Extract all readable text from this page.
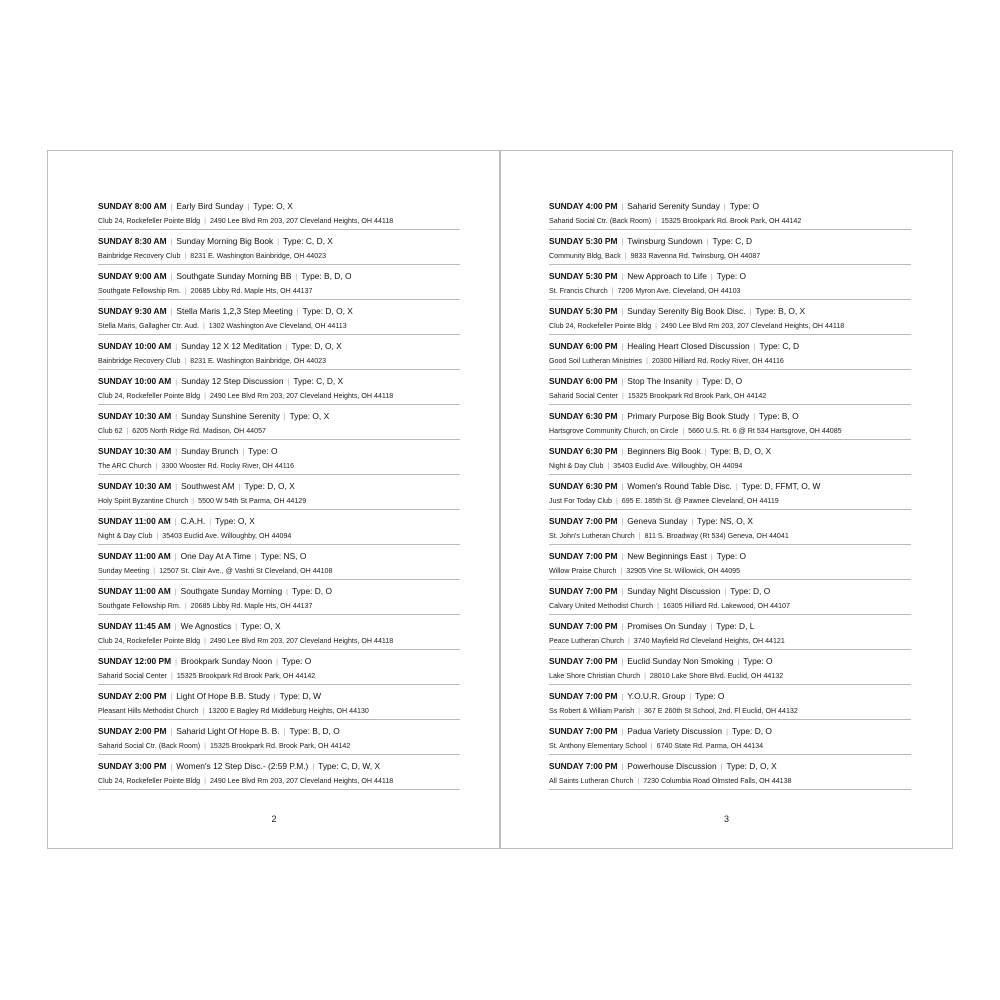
SUNDAY 8:00 AM | Early Bird Sunday | Type: O, X
Club 24, Rockefeller Pointe Bldg | 2490 Lee Blvd Rm 203, 207 Cleveland Heights, OH 44118
SUNDAY 8:30 AM | Sunday Morning Big Book | Type: C, D, X
Bainbridge Recovery Club | 8231 E. Washington Bainbridge, OH 44023
SUNDAY 9:00 AM | Southgate Sunday Morning BB | Type: B, D, O
Southgate Fellowship Rm. | 20685 Libby Rd. Maple Hts, OH 44137
SUNDAY 9:30 AM | Stella Maris 1,2,3 Step Meeting | Type: D, O, X
Stella Maris, Gallagher Ctr. Aud. | 1302 Washington Ave Cleveland, OH 44113
SUNDAY 10:00 AM | Sunday 12 X 12 Meditation | Type: D, O, X
Bainbridge Recovery Club | 8231 E. Washington Bainbridge, OH 44023
SUNDAY 10:00 AM | Sunday 12 Step Discussion | Type: C, D, X
Club 24, Rockefeller Pointe Bldg | 2490 Lee Blvd Rm 203, 207 Cleveland Heights, OH 44118
SUNDAY 10:30 AM | Sunday Sunshine Serenity | Type: O, X
Club 62 | 6205 North Ridge Rd. Madison, OH 44057
SUNDAY 10:30 AM | Sunday Brunch | Type: O
The ARC Church | 3300 Wooster Rd. Rocky River, OH 44116
SUNDAY 10:30 AM | Southwest AM | Type: D, O, X
Holy Spirit Byzantine Church | 5500 W 54th St Parma, OH 44129
SUNDAY 11:00 AM | C.A.H. | Type: O, X
Night & Day Club | 35403 Euclid Ave. Willoughby, OH 44094
SUNDAY 11:00 AM | One Day At A Time | Type: NS, O
Sunday Meeting | 12507 St. Clair Ave., @ Vashti St Cleveland, OH 44108
SUNDAY 11:00 AM | Southgate Sunday Morning | Type: D, O
Southgate Fellowship Rm. | 20685 Libby Rd. Maple Hts, OH 44137
SUNDAY 11:45 AM | We Agnostics | Type: O, X
Club 24, Rockefeller Pointe Bldg | 2490 Lee Blvd Rm 203, 207 Cleveland Heights, OH 44118
SUNDAY 12:00 PM | Brookpark Sunday Noon | Type: O
Saharid Social Center | 15325 Brookpark Rd Brook Park, OH 44142
SUNDAY 2:00 PM | Light Of Hope B.B. Study | Type: D, W
Pleasant Hills Methodist Church | 13200 E Bagley Rd Middleburg Heights, OH 44130
SUNDAY 2:00 PM | Saharid Light Of Hope B. B. | Type: B, D, O
Saharid Social Ctr. (Back Room) | 15325 Brookpark Rd. Brook Park, OH 44142
SUNDAY 3:00 PM | Women's 12 Step Disc.- (2:59 P.M.) | Type: C, D, W, X
Club 24, Rockefeller Pointe Bldg | 2490 Lee Blvd Rm 203, 207 Cleveland Heights, OH 44118
2
SUNDAY 4:00 PM | Saharid Serenity Sunday | Type: O
Saharid Social Ctr. (Back Room) | 15325 Brookpark Rd. Brook Park, OH 44142
SUNDAY 5:30 PM | Twinsburg Sundown | Type: C, D
Community Bldg, Back | 9833 Ravenna Rd. Twinsburg, OH 44087
SUNDAY 5:30 PM | New Approach to Life | Type: O
St. Francis Church | 7206 Myron Ave. Cleveland, OH 44103
SUNDAY 5:30 PM | Sunday Serenity Big Book Disc. | Type: B, O, X
Club 24, Rockefeller Pointe Bldg | 2490 Lee Blvd Rm 203, 207 Cleveland Heights, OH 44118
SUNDAY 6:00 PM | Healing Heart Closed Discussion | Type: C, D
Good Soil Lutheran Ministries | 20300 Hilliard Rd. Rocky River, OH 44116
SUNDAY 6:00 PM | Stop The Insanity | Type: D, O
Saharid Social Center | 15325 Brookpark Rd Brook Park, OH 44142
SUNDAY 6:30 PM | Primary Purpose Big Book Study | Type: B, O
Hartsgrove Community Church, on Circle | 5660 U.S. Rt. 6 @ Rt 534 Hartsgrove, OH 44085
SUNDAY 6:30 PM | Beginners Big Book | Type: B, D, O, X
Night & Day Club | 35403 Euclid Ave. Willoughby, OH 44094
SUNDAY 6:30 PM | Women's Round Table Disc. | Type: D, FFMT, O, W
Just For Today Club | 695 E. 185th St. @ Pawnee Cleveland, OH 44119
SUNDAY 7:00 PM | Geneva Sunday | Type: NS, O, X
St. John's Lutheran Church | 811 S. Broadway (Rt 534) Geneva, OH 44041
SUNDAY 7:00 PM | New Beginnings East | Type: O
Willow Praise Church | 32905 Vine St. Willowick, OH 44095
SUNDAY 7:00 PM | Sunday Night Discussion | Type: D, O
Calvary United Methodist Church | 16305 Hilliard Rd. Lakewood, OH 44107
SUNDAY 7:00 PM | Promises On Sunday | Type: D, L
Peace Lutheran Church | 3740 Mayfield Rd Cleveland Heights, OH 44121
SUNDAY 7:00 PM | Euclid Sunday Non Smoking | Type: O
Lake Shore Christian Church | 28010 Lake Shore Blvd. Euclid, OH 44132
SUNDAY 7:00 PM | Y.O.U.R. Group | Type: O
Ss Robert & William Parish | 367 E 260th St School, 2nd. Fl Euclid, OH 44132
SUNDAY 7:00 PM | Padua Variety Discussion | Type: D, O
St. Anthony Elementary School | 6740 State Rd. Parma, OH 44134
SUNDAY 7:00 PM | Powerhouse Discussion | Type: D, O, X
All Saints Lutheran Church | 7230 Columbia Road Olmsted Falls, OH 44138
3
